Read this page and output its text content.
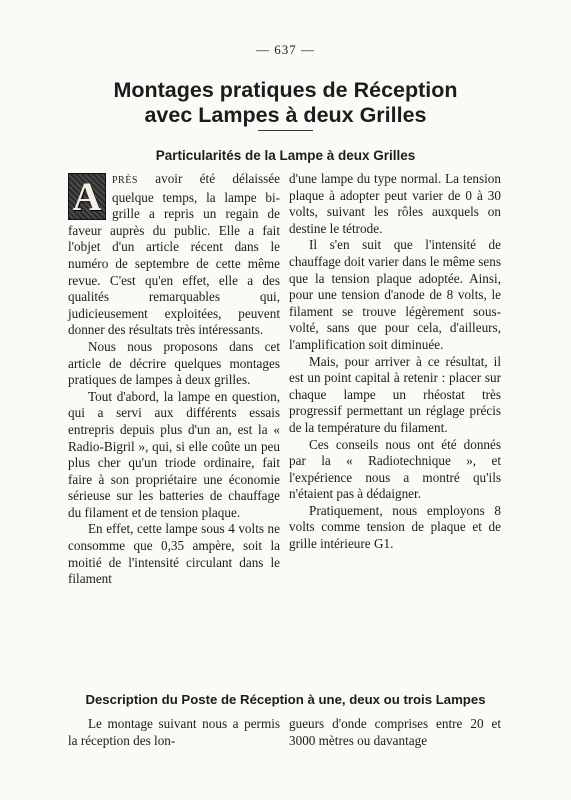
— 637 —
Montages pratiques de Réception
avec Lampes à deux Grilles
Particularités de la Lampe à deux Grilles

A PRÈS avoir été délaissée quelque temps, la lampe bi-grille a repris un regain de faveur auprès du public. Elle a fait l'objet d'un article récent dans le numéro de septembre de cette même revue. C'est qu'en effet, elle a des qualités remarquables qui, judicieusement exploitées, peuvent donner des résultats très intéressants.

Nous nous proposons dans cet article de décrire quelques montages pratiques de lampes à deux grilles.

Tout d'abord, la lampe en question, qui a servi aux différents essais entrepris depuis plus d'un an, est la « Radio-Bigril », qui, si elle coûte un peu plus cher qu'un triode ordinaire, fait faire à son propriétaire une économie sérieuse sur les batteries de chauffage du filament et de tension plaque.

En effet, cette lampe sous 4 volts ne consomme que 0,35 ampère, soit la moitié de l'intensité circulant dans le filament

d'une lampe du type normal. La tension plaque à adopter peut varier de 0 à 30 volts, suivant les rôles auxquels on destine le tétrode.

Il s'en suit que l'intensité de chauffage doit varier dans le même sens que la tension plaque adoptée. Ainsi, pour une tension d'anode de 8 volts, le filament se trouve légèrement sous-volté, sans que pour cela, d'ailleurs, l'amplification soit diminuée.

Mais, pour arriver à ce résultat, il est un point capital à retenir : placer sur chaque lampe un rhéostat très progressif permettant un réglage précis de la température du filament.

Ces conseils nous ont été donnés par la « Radiotechnique », et l'expérience nous a montré qu'ils n'étaient pas à dédaigner.

Pratiquement, nous employons 8 volts comme tension de plaque et de grille intérieure G1.

Description du Poste de Réception à une, deux ou trois Lampes

Le montage suivant nous a permis la réception des lon-

gueurs d'onde comprises entre 20 et 3000 mètres ou davantage
